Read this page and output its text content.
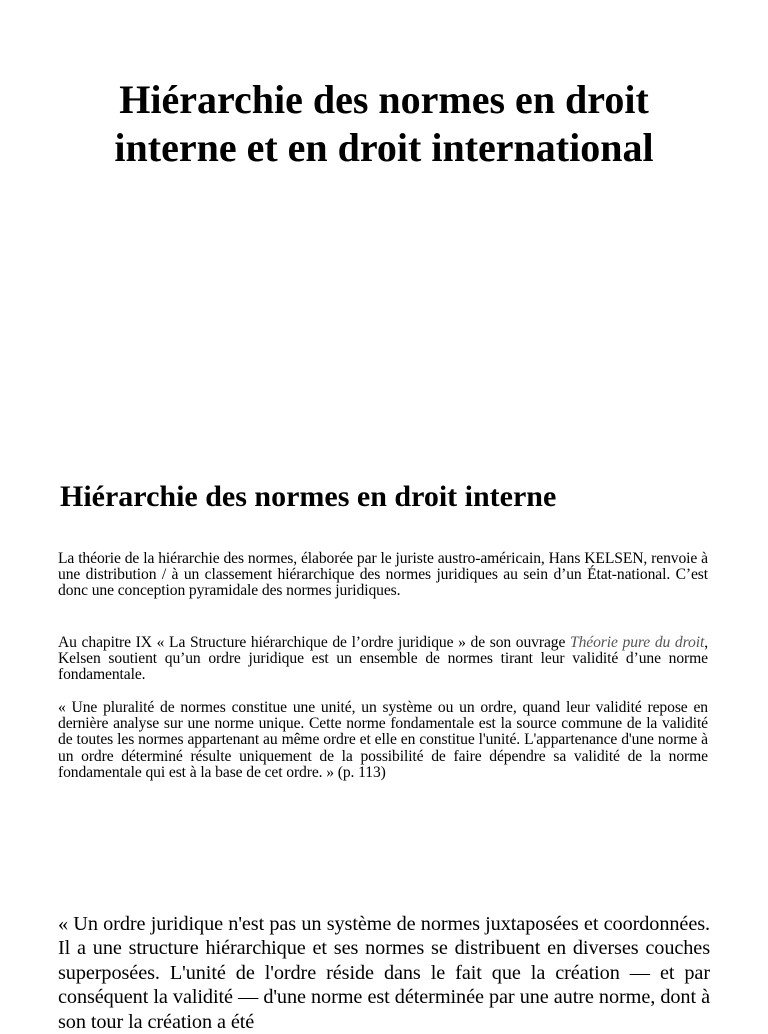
Hiérarchie des normes en droit interne et en droit international
Hiérarchie des normes en droit interne

La théorie de la hiérarchie des normes, élaborée par le juriste austro-américain, Hans KELSEN, renvoie à une distribution / à un classement hiérarchique des normes juridiques au sein d’un État-national. C’est donc une conception pyramidale des normes juridiques.

Au chapitre IX « La Structure hiérarchique de l’ordre juridique » de son ouvrage Théorie pure du droit, Kelsen soutient qu’un ordre juridique est un ensemble de normes tirant leur validité d’une norme fondamentale.

« Une pluralité de normes constitue une unité, un système ou un ordre, quand leur validité repose en dernière analyse sur une norme unique. Cette norme fondamentale est la source commune de la validité de toutes les normes appartenant au même ordre et elle en constitue l'unité. L'appartenance d'une norme à un ordre déterminé résulte uniquement de la possibilité de faire dépendre sa validité de la norme fondamentale qui est à la base de cet ordre. » (p. 113)

« Un ordre juridique n'est pas un système de normes juxtaposées et coordonnées. Il a une structure hiérarchique et ses normes se distribuent en diverses couches superposées. L'unité de l'ordre réside dans le fait que la création — et par conséquent la validité — d'une norme est déterminée par une autre norme, dont à son tour la création a été
